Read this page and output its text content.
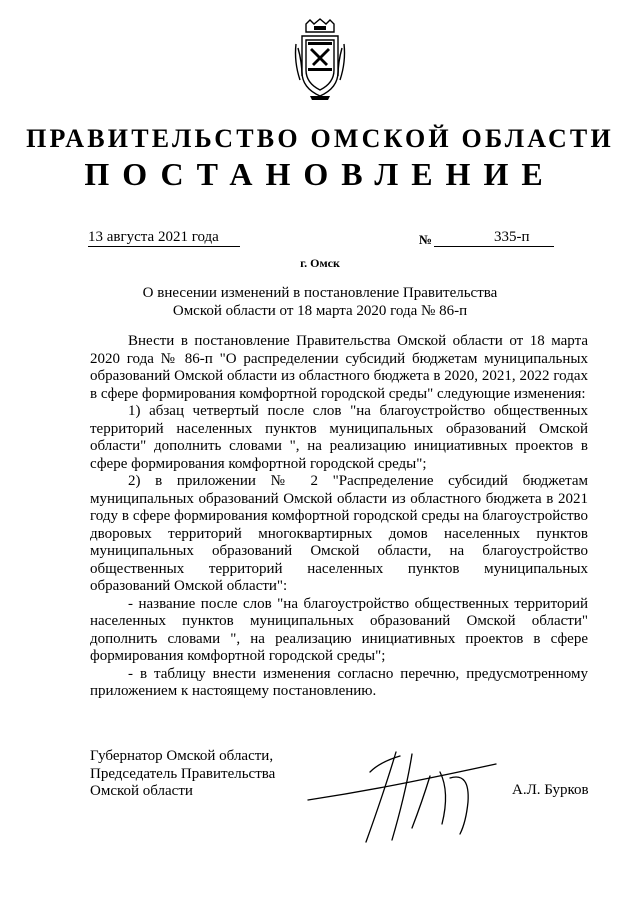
ПРАВИТЕЛЬСТВО ОМСКОЙ ОБЛАСТИ
ПОСТАНОВЛЕНИЕ
13 августа 2021 года	№	335-п
г. Омск
О внесении изменений в постановление Правительства
Омской области от 18 марта 2020 года № 86-п

Внести в постановление Правительства Омской области от 18 марта 2020 года № 86-п "О распределении субсидий бюджетам муниципальных образований Омской области из областного бюджета в 2020, 2021, 2022 годах в сфере формирования комфортной городской среды" следующие изменения:

1) абзац четвертый после слов "на благоустройство общественных территорий населенных пунктов муниципальных образований Омской области" дополнить словами ", на реализацию инициативных проектов в сфере формирования комфортной городской среды";

2) в приложении № 2 "Распределение субсидий бюджетам муниципальных образований Омской области из областного бюджета в 2021 году в сфере формирования комфортной городской среды на благоустройство дворовых территорий многоквартирных домов населенных пунктов муниципальных образований Омской области, на благоустройство общественных территорий населенных пунктов муниципальных образований Омской области":

- название после слов "на благоустройство общественных территорий населенных пунктов муниципальных образований Омской области" дополнить словами ", на реализацию инициативных проектов в сфере формирования комфортной городской среды";

- в таблицу внести изменения согласно перечню, предусмотренному приложением к настоящему постановлению.

Губернатор Омской области,
Председатель Правительства
Омской области	А.Л. Бурков
